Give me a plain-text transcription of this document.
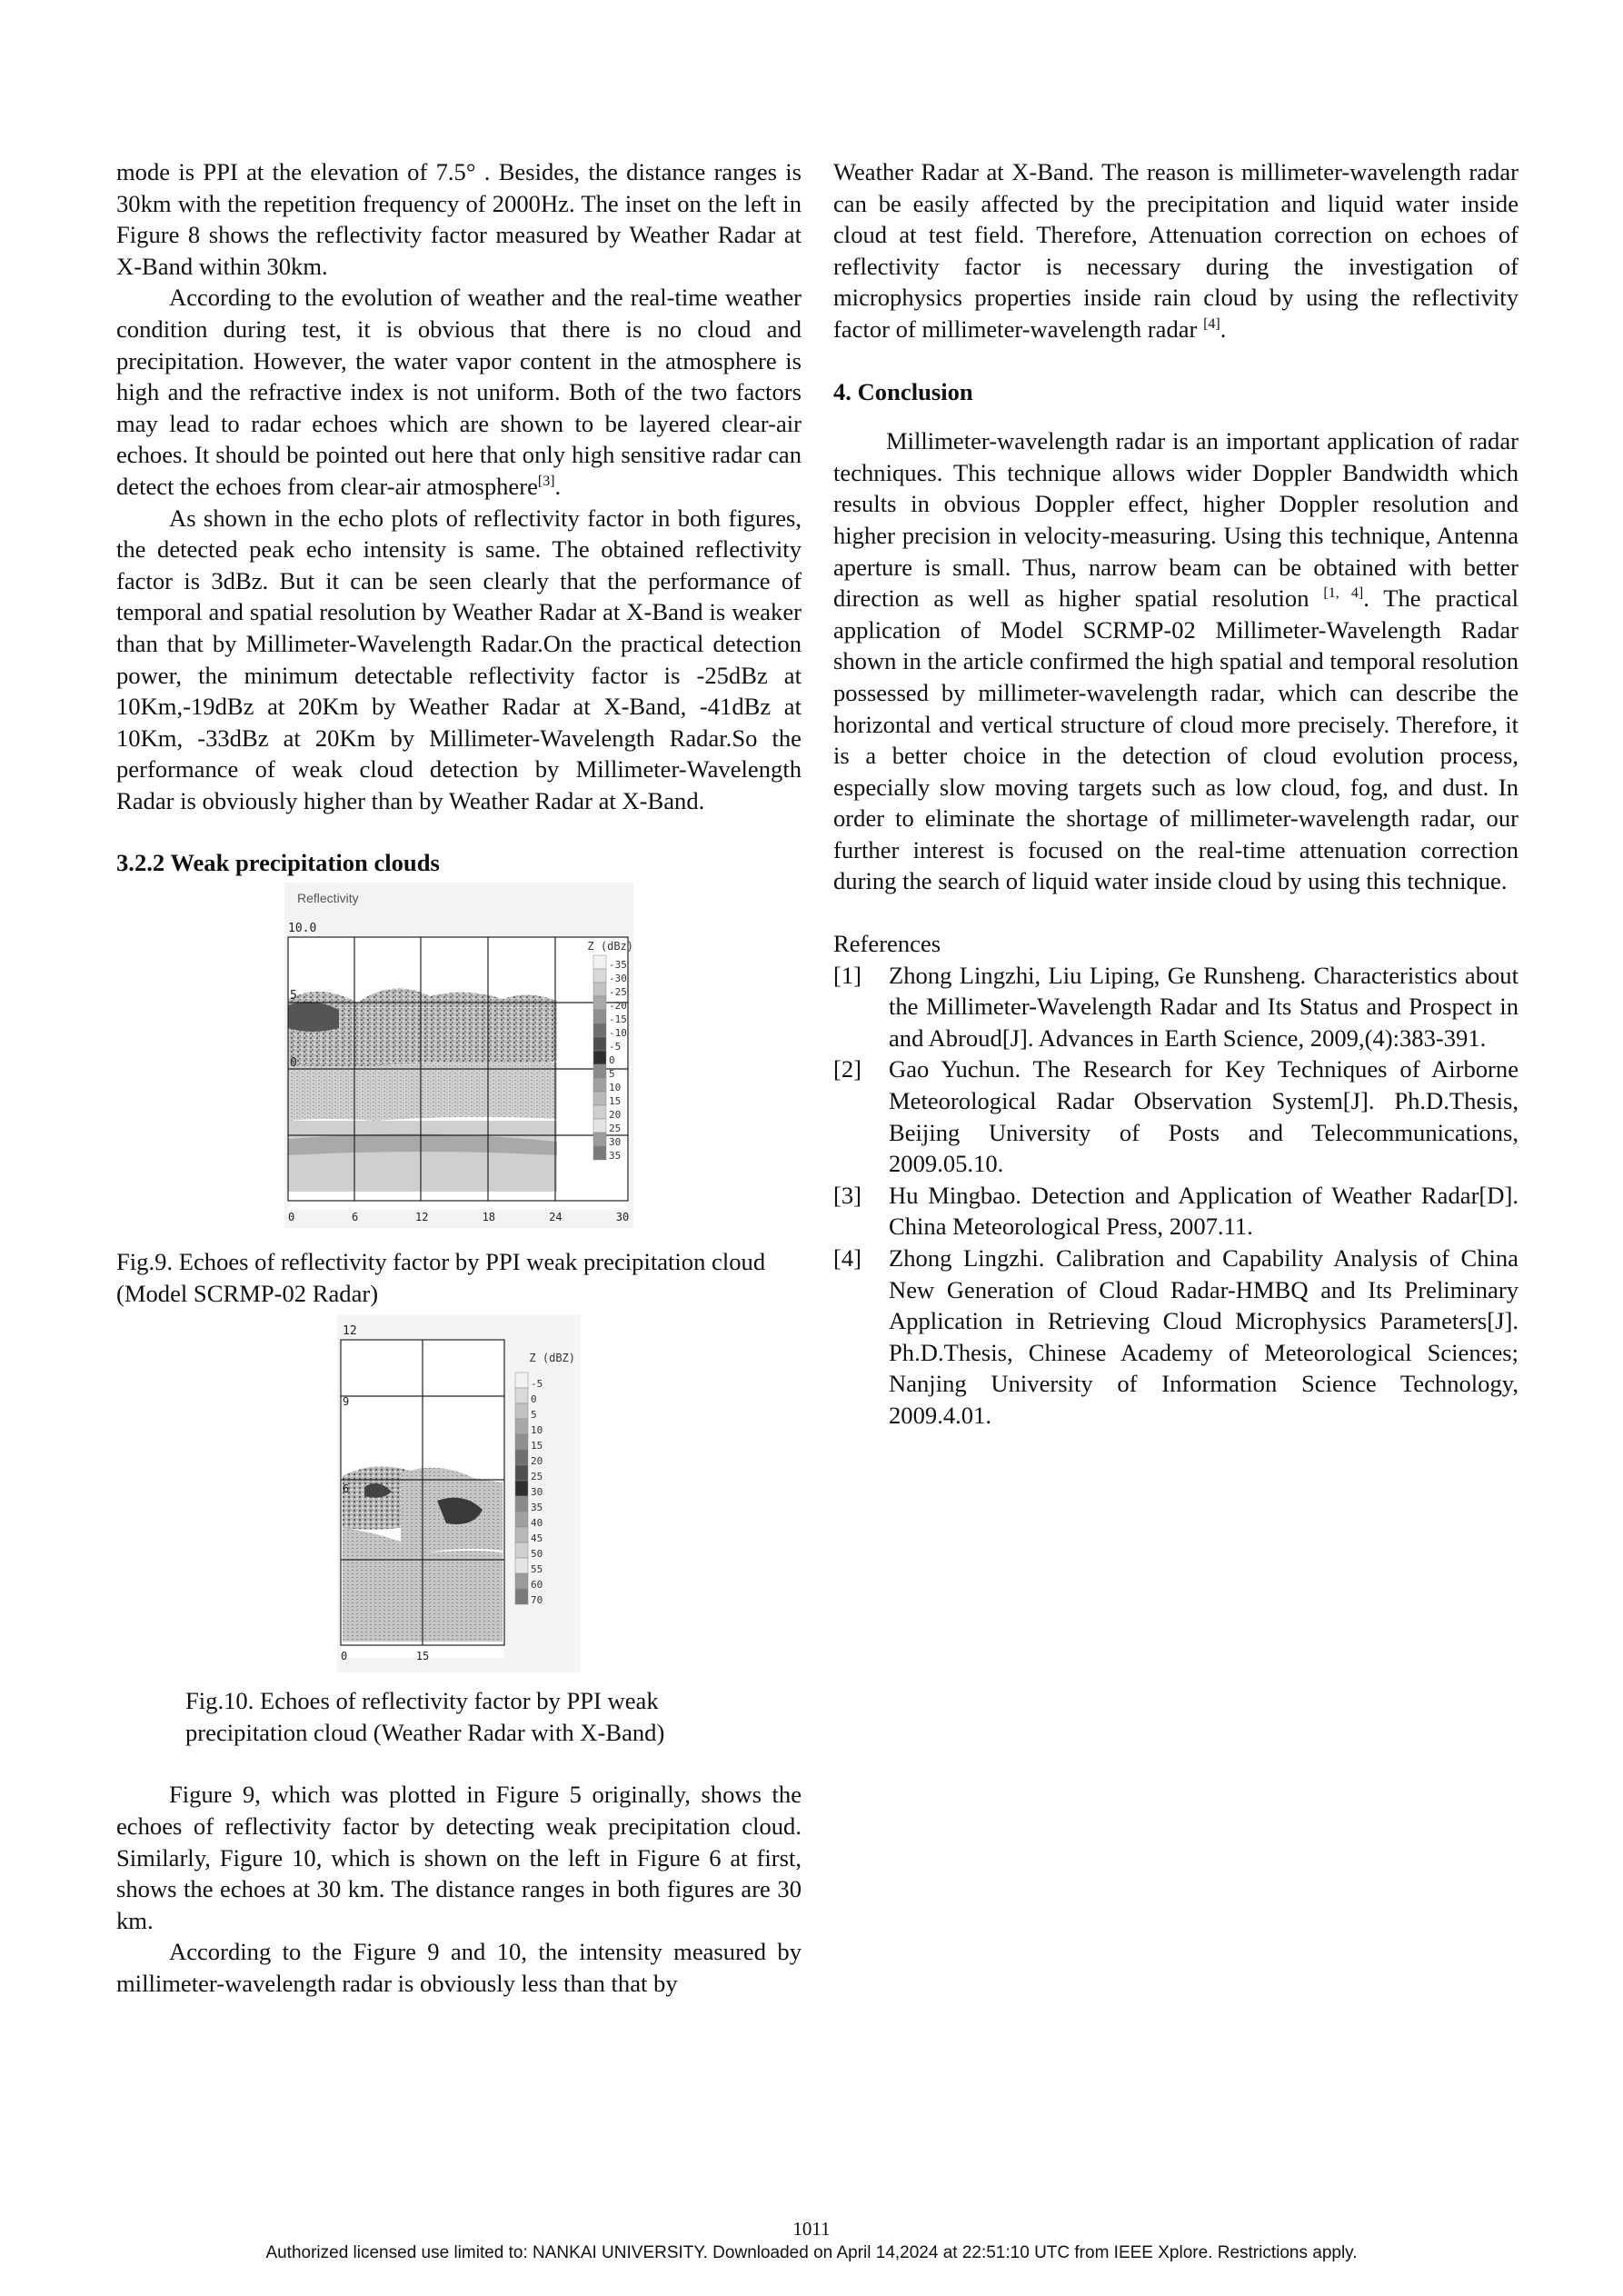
mode is PPI at the elevation of 7.5° . Besides, the distance ranges is 30km with the repetition frequency of 2000Hz. The inset on the left in Figure 8 shows the reflectivity factor measured by Weather Radar at X-Band within 30km.

According to the evolution of weather and the real-time weather condition during test, it is obvious that there is no cloud and precipitation. However, the water vapor content in the atmosphere is high and the refractive index is not uniform. Both of the two factors may lead to radar echoes which are shown to be layered clear-air echoes. It should be pointed out here that only high sensitive radar can detect the echoes from clear-air atmosphere[3].

As shown in the echo plots of reflectivity factor in both figures, the detected peak echo intensity is same. The obtained reflectivity factor is 3dBz. But it can be seen clearly that the performance of temporal and spatial resolution by Weather Radar at X-Band is weaker than that by Millimeter-Wavelength Radar.On the practical detection power, the minimum detectable reflectivity factor is -25dBz at 10Km,-19dBz at 20Km by Weather Radar at X-Band, -41dBz at 10Km, -33dBz at 20Km by Millimeter-Wavelength Radar.So the performance of weak cloud detection by Millimeter-Wavelength Radar is obviously higher than by Weather Radar at X-Band.

3.2.2 Weak precipitation clouds
Reflectivity
10.0
5
0
Z (dBz)
-35
-30
-25
-20
-15
-10
-5
0
5
10
15
20
25
30
35
0	6	12	18	24	30

Fig.9. Echoes of reflectivity factor by PPI weak precipitation cloud (Model SCRMP-02 Radar)

12
9
6
Z (dBZ)
-5
0
5
10
15
20
25
30
35
40
45
50
55
60
70
0	15

Fig.10. Echoes of reflectivity factor by PPI weak
precipitation cloud (Weather Radar with X-Band)

Figure 9, which was plotted in Figure 5 originally, shows the echoes of reflectivity factor by detecting weak precipitation cloud. Similarly, Figure 10, which is shown on the left in Figure 6 at first, shows the echoes at 30 km. The distance ranges in both figures are 30 km.

According to the Figure 9 and 10, the intensity measured by millimeter-wavelength radar is obviously less than that by

Weather Radar at X-Band. The reason is millimeter-wavelength radar can be easily affected by the precipitation and liquid water inside cloud at test field. Therefore, Attenuation correction on echoes of reflectivity factor is necessary during the investigation of microphysics properties inside rain cloud by using the reflectivity factor of millimeter-wavelength radar [4].

4. Conclusion

Millimeter-wavelength radar is an important application of radar techniques. This technique allows wider Doppler Bandwidth which results in obvious Doppler effect, higher Doppler resolution and higher precision in velocity-measuring. Using this technique, Antenna aperture is small. Thus, narrow beam can be obtained with better direction as well as higher spatial resolution [1, 4]. The practical application of Model SCRMP-02 Millimeter-Wavelength Radar shown in the article confirmed the high spatial and temporal resolution possessed by millimeter-wavelength radar, which can describe the horizontal and vertical structure of cloud more precisely. Therefore, it is a better choice in the detection of cloud evolution process, especially slow moving targets such as low cloud, fog, and dust. In order to eliminate the shortage of millimeter-wavelength radar, our further interest is focused on the real-time attenuation correction during the search of liquid water inside cloud by using this technique.

References

[1]	Zhong Lingzhi, Liu Liping, Ge Runsheng. Characteristics about the Millimeter-Wavelength Radar and Its Status and Prospect in and Abroud[J]. Advances in Earth Science, 2009,(4):383-391.
[2]	Gao Yuchun. The Research for Key Techniques of Airborne Meteorological Radar Observation System[J]. Ph.D.Thesis, Beijing University of Posts and Telecommunications, 2009.05.10.
[3]	Hu Mingbao. Detection and Application of Weather Radar[D]. China Meteorological Press, 2007.11.
[4]	Zhong Lingzhi. Calibration and Capability Analysis of China New Generation of Cloud Radar-HMBQ and Its Preliminary Application in Retrieving Cloud Microphysics Parameters[J]. Ph.D.Thesis, Chinese Academy of Meteorological Sciences; Nanjing University of Information Science Technology, 2009.4.01.
1011
Authorized licensed use limited to: NANKAI UNIVERSITY. Downloaded on April 14,2024 at 22:51:10 UTC from IEEE Xplore. Restrictions apply.
